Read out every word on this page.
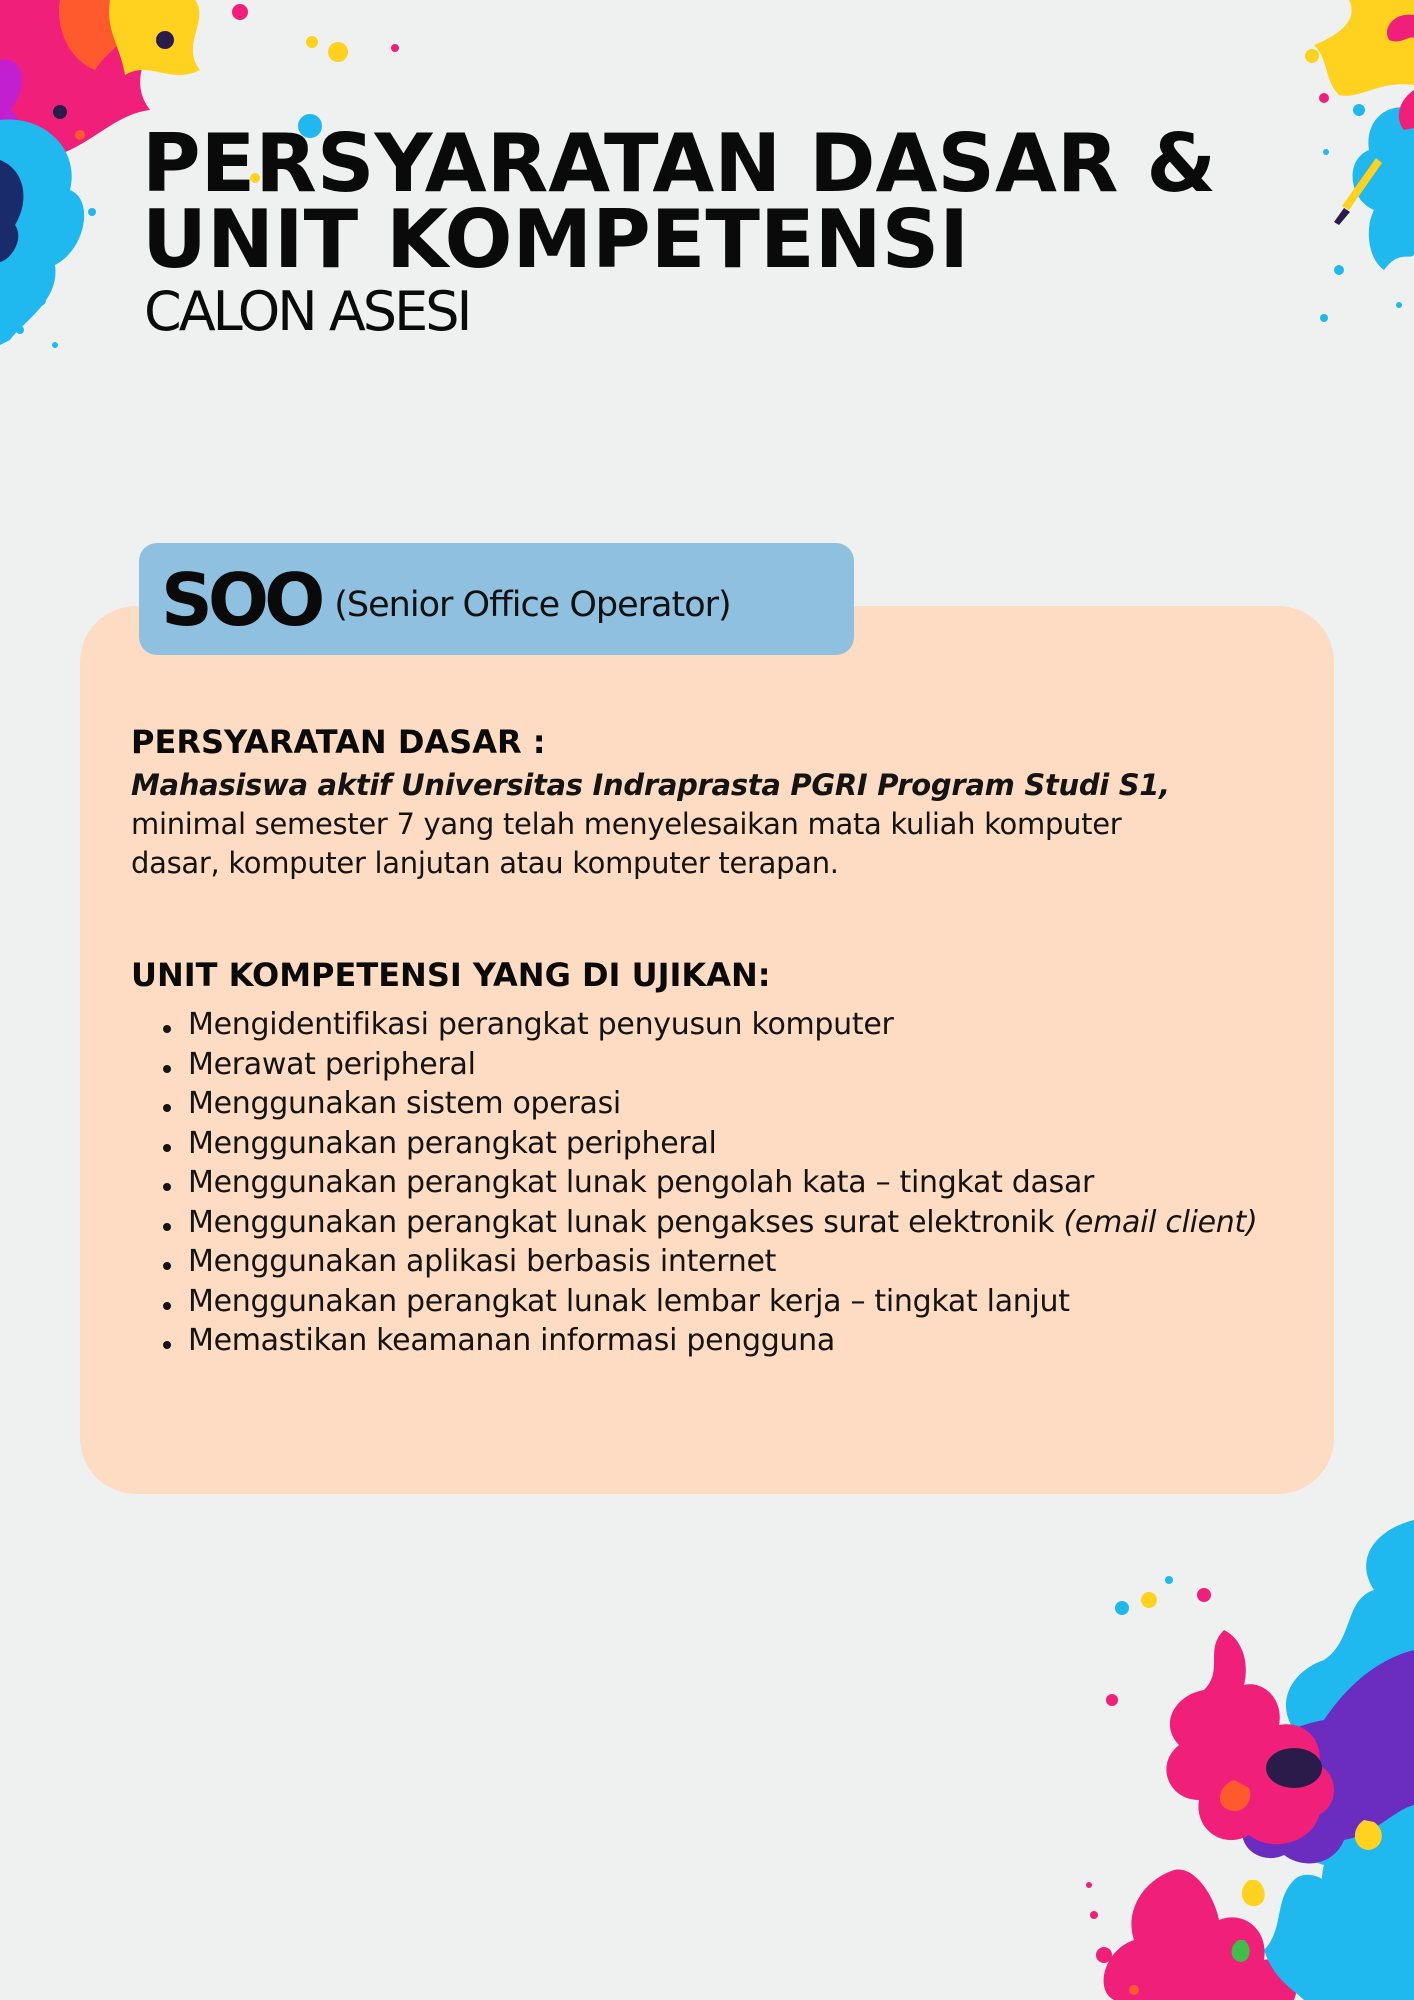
PERSYARATAN DASAR &
UNIT KOMPETENSI
CALON ASESI
SOO (Senior Office Operator)
PERSYARATAN DASAR :

Mahasiswa aktif Universitas Indraprasta PGRI Program Studi S1,
minimal semester 7 yang telah menyelesaikan mata kuliah komputer
dasar, komputer lanjutan atau komputer terapan.

UNIT KOMPETENSI YANG DI UJIKAN:
Mengidentifikasi perangkat penyusun komputer
Merawat peripheral
Menggunakan sistem operasi
Menggunakan perangkat peripheral
Menggunakan perangkat lunak pengolah kata – tingkat dasar
Menggunakan perangkat lunak pengakses surat elektronik (email client)
Menggunakan aplikasi berbasis internet
Menggunakan perangkat lunak lembar kerja – tingkat lanjut
Memastikan keamanan informasi pengguna
